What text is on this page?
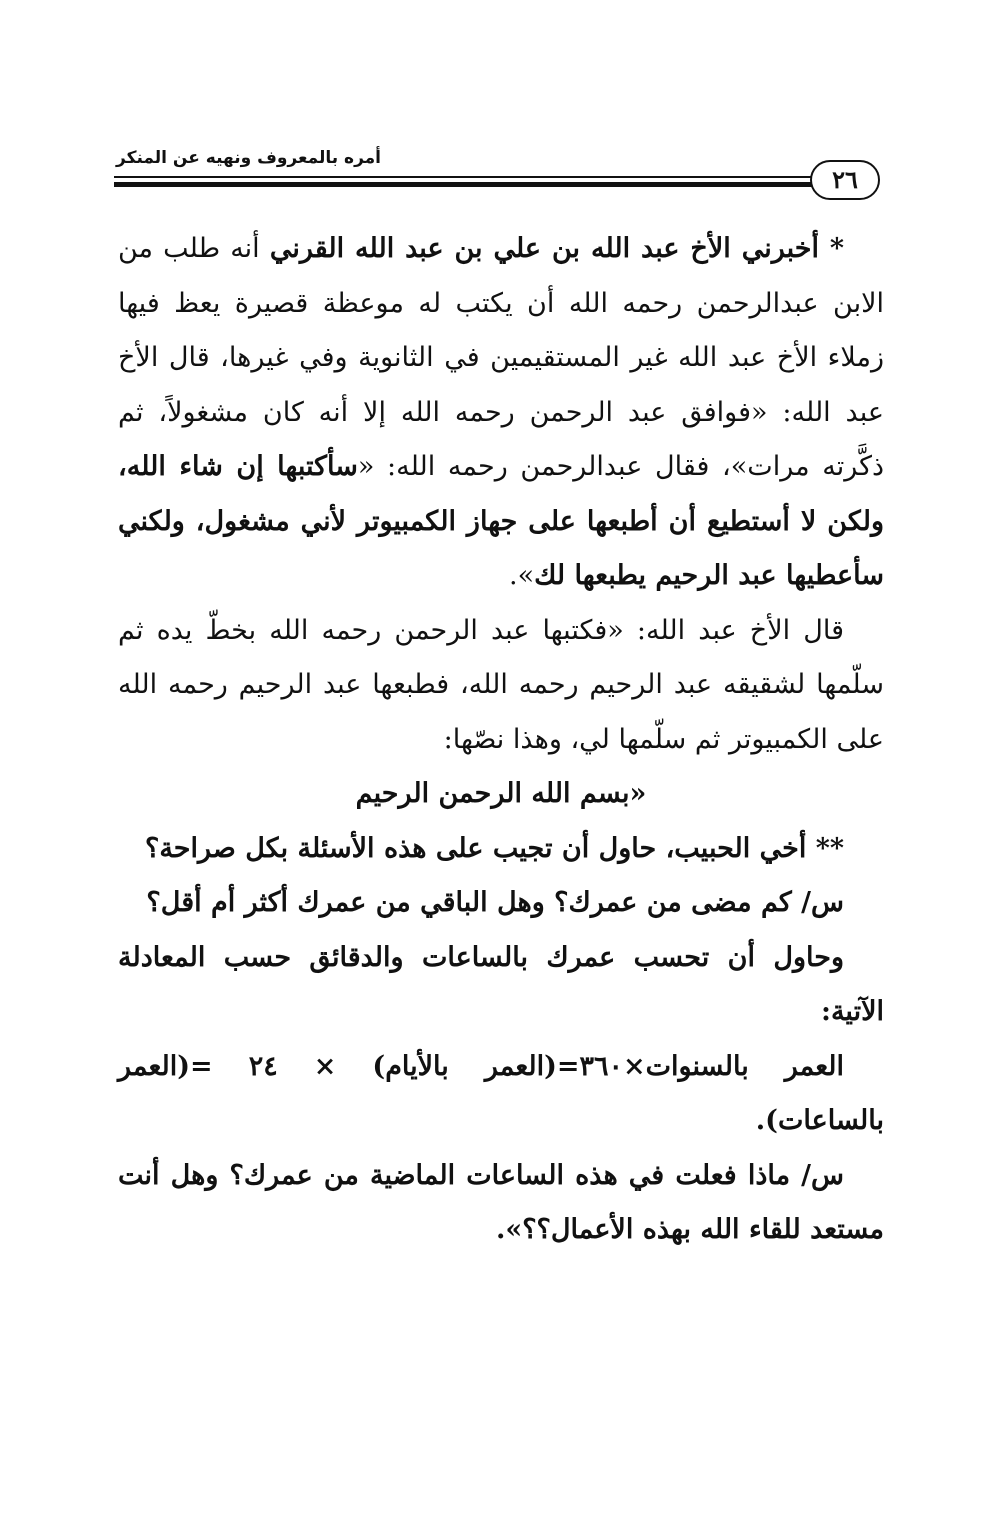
أمره بالمعروف ونهيه عن المنكر
٢٦

* أخبرني الأخ عبد الله بن علي بن عبد الله القرني أنه طلب من الابن عبدالرحمن رحمه الله أن يكتب له موعظة قصيرة يعظ فيها زملاء الأخ عبد الله غير المستقيمين في الثانوية وفي غيرها، قال الأخ عبد الله: «فوافق عبد الرحمن رحمه الله إلا أنه كان مشغولاً، ثم ذكَّرته مرات»، فقال عبدالرحمن رحمه الله: «سأكتبها إن شاء الله، ولكن لا أستطيع أن أطبعها على جهاز الكمبيوتر لأني مشغول، ولكني سأعطيها عبد الرحيم يطبعها لك».

قال الأخ عبد الله: «فكتبها عبد الرحمن رحمه الله بخطّ يده ثم سلّمها لشقيقه عبد الرحيم رحمه الله، فطبعها عبد الرحيم رحمه الله على الكمبيوتر ثم سلّمها لي، وهذا نصّها:

«بسم الله الرحمن الرحيم

** أخي الحبيب، حاول أن تجيب على هذه الأسئلة بكل صراحة؟

س/ كم مضى من عمرك؟ وهل الباقي من عمرك أكثر أم أقل؟

وحاول أن تحسب عمرك بالساعات والدقائق حسب المعادلة الآتية:

العمر بالسنوات×٣٦٠=(العمر بالأيام) × ٢٤ =(العمر بالساعات).

س/ ماذا فعلت في هذه الساعات الماضية من عمرك؟ وهل أنت مستعد للقاء الله بهذه الأعمال؟؟».
